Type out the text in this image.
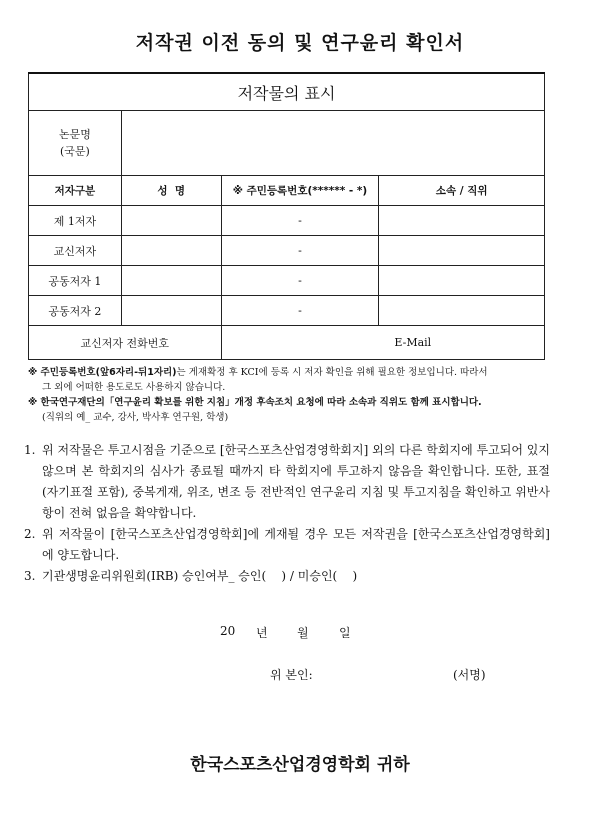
저작권 이전 동의 및 연구윤리 확인서
저작물의 표시			

논문명
(국문)			

저자구분	성  명	※ 주민등록번호(****** - *)	소속 / 직위
제 1저자		-	
교신저자		-	
공동저자 1		-	
공동저자 2		-	
교신저자 전화번호		E-Mail	

※ 주민등록번호(앞6자리-뒤1자리)는 게재확정 후 KCI에 등록 시 저자 확인을 위해 필요한 정보입니다. 따라서

그 외에 어떠한 용도로도 사용하지 않습니다.

※ 한국연구재단의「연구윤리 확보를 위한 지침」개정 후속조치 요청에 따라 소속과 직위도 함께 표시합니다.

(직위의 예_ 교수, 강사, 박사후 연구원, 학생)

1. 위 저작물은 투고시점을 기준으로 [한국스포츠산업경영학회지] 외의 다른 학회지에 투고되어 있지 않으며 본 학회지의 심사가 종료될 때까지 타 학회지에 투고하지 않음을 확인합니다. 또한, 표절(자기표절 포함), 중복게재, 위조, 변조 등 전반적인 연구윤리 지침 및 투고지침을 확인하고 위반사항이 전혀 없음을 확약합니다.

2. 위 저작물이 [한국스포츠산업경영학회]에 게재될 경우 모든 저작권을 [한국스포츠산업경영학회]에 양도합니다.

3. 기관생명윤리위원회(IRB) 승인여부_ 승인(    ) / 미승인(    )

20 년 월	일
위 본인:	(서명)
한국스포츠산업경영학회 귀하
